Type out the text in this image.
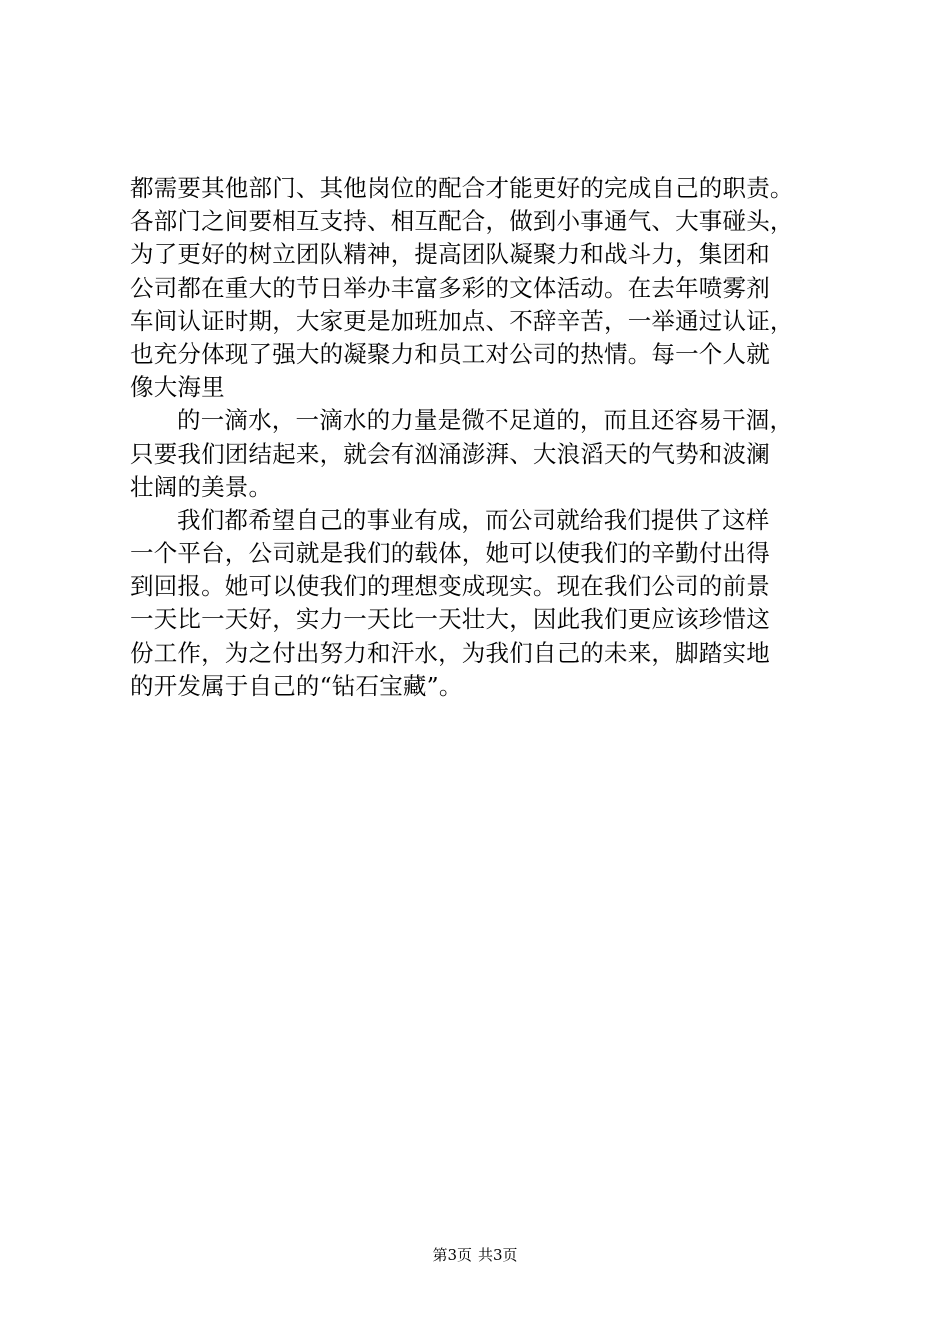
都需要其他部门、其他岗位的配合才能更好的完成自己的职责。
各部门之间要相互支持、相互配合，做到小事通气、大事碰头，
为了更好的树立团队精神，提高团队凝聚力和战斗力，集团和
公司都在重大的节日举办丰富多彩的文体活动。在去年喷雾剂
车间认证时期，大家更是加班加点、不辞辛苦，一举通过认证，
也充分体现了强大的凝聚力和员工对公司的热情。每一个人就
像大海里
的一滴水，一滴水的力量是微不足道的，而且还容易干涸，
只要我们团结起来，就会有汹涌澎湃、大浪滔天的气势和波澜
壮阔的美景。
我们都希望自己的事业有成，而公司就给我们提供了这样
一个平台，公司就是我们的载体，她可以使我们的辛勤付出得
到回报。她可以使我们的理想变成现实。现在我们公司的前景
一天比一天好，实力一天比一天壮大，因此我们更应该珍惜这
份工作，为之付出努力和汗水，为我们自己的未来，脚踏实地
的开发属于自己的“钻石宝藏”。
第3页 共3页
